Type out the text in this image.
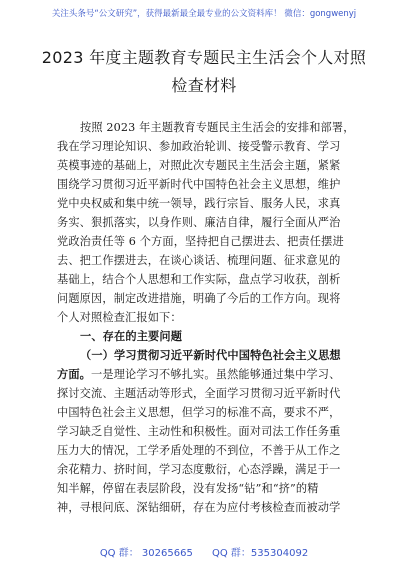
关注头条号“公文研究”，获得最新最全最专业的公文资料库！ 微信：gongwenyj
2023 年度主题教育专题民主生活会个人对照
检查材料
按照 2023 年主题教育专题民主生活会的安排和部署，
我在学习理论知识、参加政治轮训、接受警示教育、学习
英模事迹的基础上，对照此次专题民主生活会主题，紧紧
围绕学习贯彻习近平新时代中国特色社会主义思想，维护
党中央权威和集中统一领导，践行宗旨、服务人民，求真
务实、狠抓落实，以身作则、廉洁自律，履行全面从严治
党政治责任等 6 个方面，坚持把自己摆进去、把责任摆进
去、把工作摆进去，在谈心谈话、梳理问题、征求意见的
基础上，结合个人思想和工作实际，盘点学习收获，剖析
问题原因，制定改进措施，明确了今后的工作方向。现将
个人对照检查汇报如下：
一、存在的主要问题
（一）学习贯彻习近平新时代中国特色社会主义思想
方面。一是理论学习不够扎实。虽然能够通过集中学习、
探讨交流、主题活动等形式，全面学习贯彻习近平新时代
中国特色社会主义思想，但学习的标准不高，要求不严，
学习缺乏自觉性、主动性和积极性。面对司法工作任务重
压力大的情况，工学矛盾处理的不到位，不善于从工作之
余花精力、挤时间，学习态度敷衍，心态浮躁，满足于一
知半解，停留在表层阶段，没有发扬“钻”和“挤”的精
神，寻根问底、深钻细研，存在为应付考核检查而被动学
QQ 群： 30265665 QQ 群：535304092
